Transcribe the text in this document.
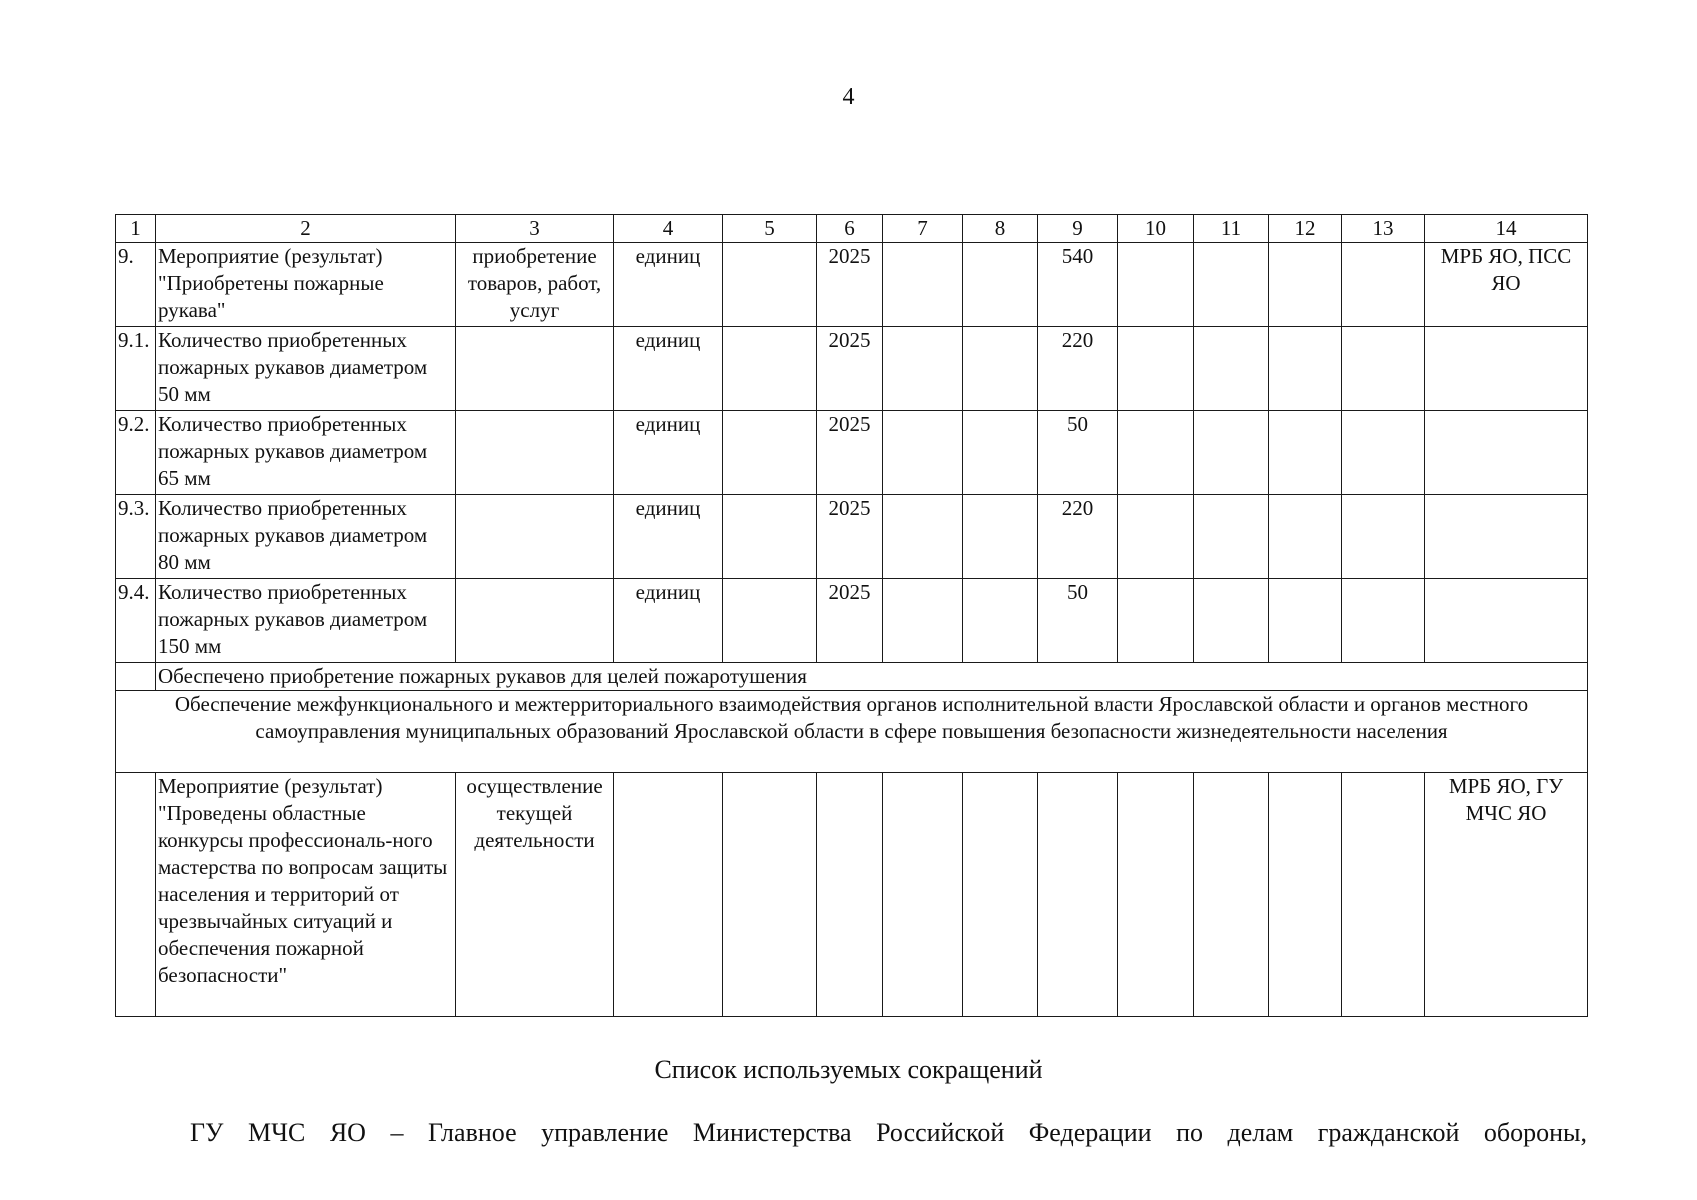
4
1	2	3	4	5	6	7	8	9	10	11	12	13	14
9.	Мероприятие (результат) "Приобретены пожарные рукава"	приобретение товаров, работ, услуг	единиц		2025			540					МРБ ЯО, ПСС ЯО
9.1.	Количество приобретенных пожарных рукавов диаметром 50 мм		единиц		2025			220					
9.2.	Количество приобретенных пожарных рукавов диаметром 65 мм		единиц		2025			50					
9.3.	Количество приобретенных пожарных рукавов диаметром 80 мм		единиц		2025			220					
9.4.	Количество приобретенных пожарных рукавов диаметром 150 мм		единиц		2025			50					
	Обеспечено приобретение пожарных рукавов для целей пожаротушения												
Обеспечение межфункционального и межтерриториального взаимодействия органов исполнительной власти Ярославской области и органов местного самоуправления муниципальных образований Ярославской области в сфере повышения безопасности жизнедеятельности населения													
	Мероприятие (результат) "Проведены областные конкурсы профессиональ-ного мастерства по вопросам защиты населения и территорий от чрезвычайных ситуаций и обеспечения пожарной безопасности"	осуществление текущей деятельности											МРБ ЯО, ГУ МЧС ЯО
Список используемых сокращений
ГУ МЧС ЯО – Главное управление Министерства Российской Федерации по делам гражданской обороны,
